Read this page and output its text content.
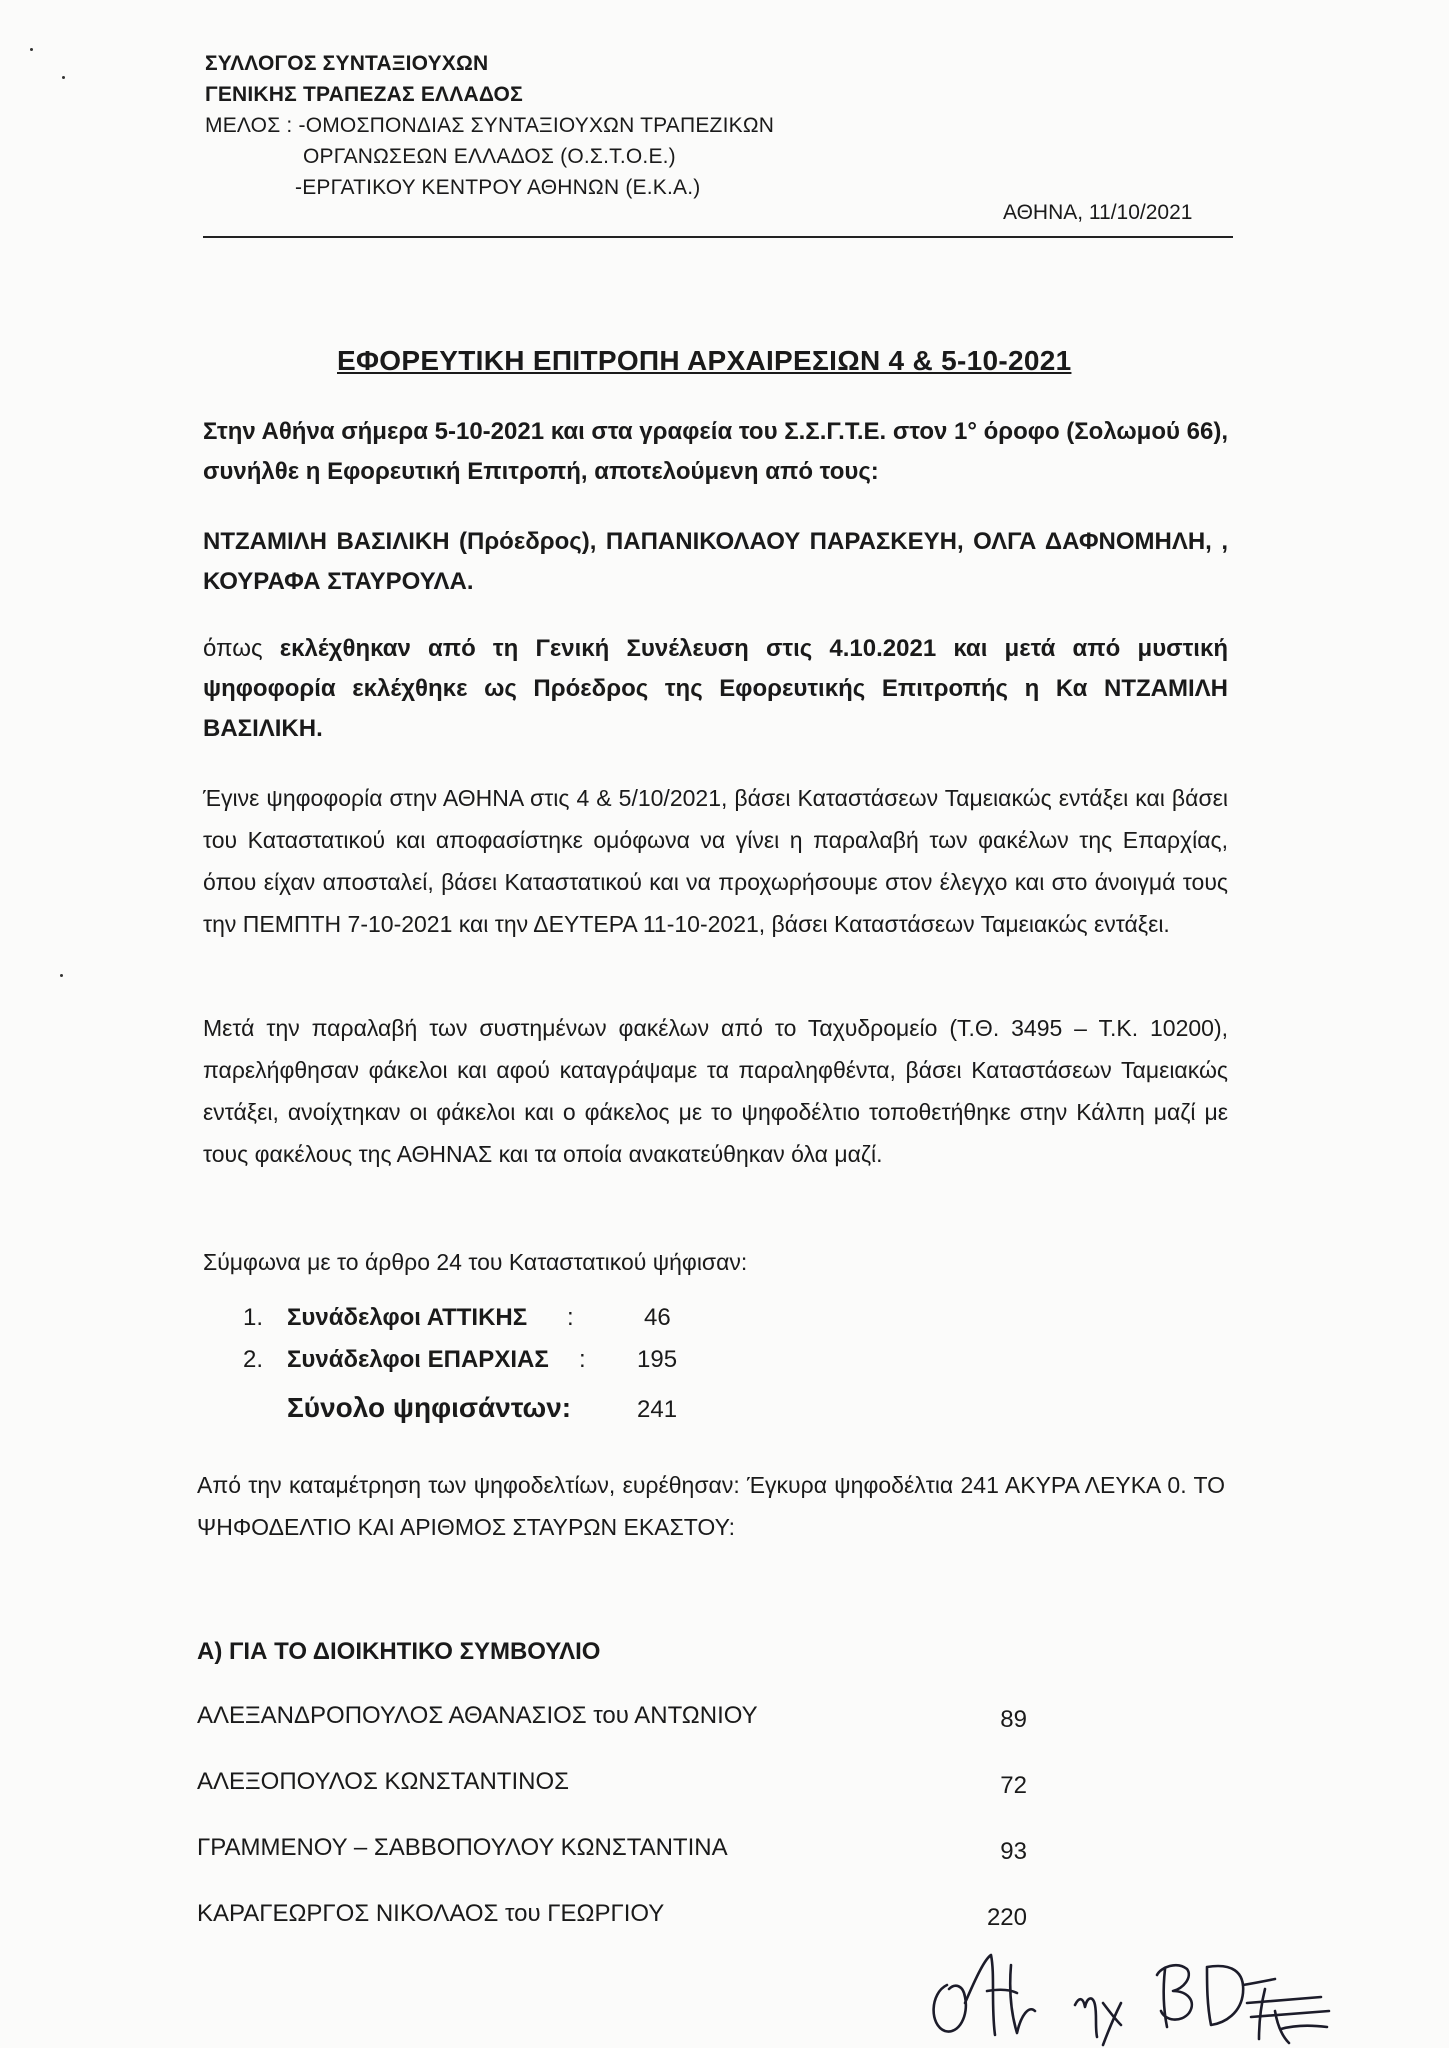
ΣΥΛΛΟΓΟΣ ΣΥΝΤΑΞΙΟΥΧΩΝ
ΓΕΝΙΚΗΣ ΤΡΑΠΕΖΑΣ ΕΛΛΑΔΟΣ
ΜΕΛΟΣ : -ΟΜΟΣΠΟΝΔΙΑΣ ΣΥΝΤΑΞΙΟΥΧΩΝ ΤΡΑΠΕΖΙΚΩΝ
ΟΡΓΑΝΩΣΕΩΝ ΕΛΛΑΔΟΣ (Ο.Σ.Τ.Ο.Ε.)
-ΕΡΓΑΤΙΚΟΥ ΚΕΝΤΡΟΥ ΑΘΗΝΩΝ (Ε.Κ.Α.)
ΑΘΗΝΑ, 11/10/2021
ΕΦΟΡΕΥΤΙΚΗ ΕΠΙΤΡΟΠΗ ΑΡΧΑΙΡΕΣΙΩΝ 4 & 5-10-2021
Στην Αθήνα σήμερα 5-10-2021 και στα γραφεία του Σ.Σ.Γ.Τ.Ε. στον 1° όροφο (Σολωμού 66), συνήλθε η Εφορευτική Επιτροπή, αποτελούμενη από τους:
ΝΤΖΑΜΙΛΗ ΒΑΣΙΛΙΚΗ (Πρόεδρος), ΠΑΠΑΝΙΚΟΛΑΟΥ ΠΑΡΑΣΚΕΥΗ, ΟΛΓΑ ΔΑΦΝΟΜΗΛΗ, , ΚΟΥΡΑΦΑ ΣΤΑΥΡΟΥΛΑ.
όπως εκλέχθηκαν από τη Γενική Συνέλευση στις 4.10.2021 και μετά από μυστική ψηφοφορία εκλέχθηκε ως Πρόεδρος της Εφορευτικής Επιτροπής η Κα ΝΤΖΑΜΙΛΗ ΒΑΣΙΛΙΚΗ.
Έγινε ψηφοφορία στην ΑΘΗΝΑ στις 4 & 5/10/2021, βάσει Καταστάσεων Ταμειακώς εντάξει και βάσει του Καταστατικού και αποφασίστηκε ομόφωνα να γίνει η παραλαβή των φακέλων της Επαρχίας, όπου είχαν αποσταλεί, βάσει Καταστατικού και να προχωρήσουμε στον έλεγχο και στο άνοιγμά τους την ΠΕΜΠΤΗ 7-10-2021 και την ΔΕΥΤΕΡΑ 11-10-2021, βάσει Καταστάσεων Ταμειακώς εντάξει.
Μετά την παραλαβή των συστημένων φακέλων από το Ταχυδρομείο (Τ.Θ. 3495 – Τ.Κ. 10200), παρελήφθησαν φάκελοι και αφού καταγράψαμε τα παραληφθέντα, βάσει Καταστάσεων Ταμειακώς εντάξει, ανοίχτηκαν οι φάκελοι και ο φάκελος με το ψηφοδέλτιο τοποθετήθηκε στην Κάλπη μαζί με τους φακέλους της ΑΘΗΝΑΣ και τα οποία ανακατεύθηκαν όλα μαζί.
Σύμφωνα με το άρθρο 24 του Καταστατικού ψήφισαν:
1. Συνάδελφοι ΑΤΤΙΚΗΣ :	46
2. Συνάδελφοι ΕΠΑΡΧΙΑΣ : 195
Σύνολο ψηφισάντων:	241
Από την καταμέτρηση των ψηφοδελτίων, ευρέθησαν: Έγκυρα ψηφοδέλτια 241 ΑΚΥΡΑ ΛΕΥΚΑ 0. ΤΟ ΨΗΦΟΔΕΛΤΙΟ ΚΑΙ ΑΡΙΘΜΟΣ ΣΤΑΥΡΩΝ ΕΚΑΣΤΟΥ:
Α) ΓΙΑ ΤΟ ΔΙΟΙΚΗΤΙΚΟ ΣΥΜΒΟΥΛΙΟ
ΑΛΕΞΑΝΔΡΟΠΟΥΛΟΣ ΑΘΑΝΑΣΙΟΣ του ΑΝΤΩΝΙΟΥ	89
ΑΛΕΞΟΠΟΥΛΟΣ ΚΩΝΣΤΑΝΤΙΝΟΣ	72
ΓΡΑΜΜΕΝΟΥ – ΣΑΒΒΟΠΟΥΛΟΥ ΚΩΝΣΤΑΝΤΙΝΑ	93
ΚΑΡΑΓΕΩΡΓΟΣ ΝΙΚΟΛΑΟΣ του ΓΕΩΡΓΙΟΥ	220
